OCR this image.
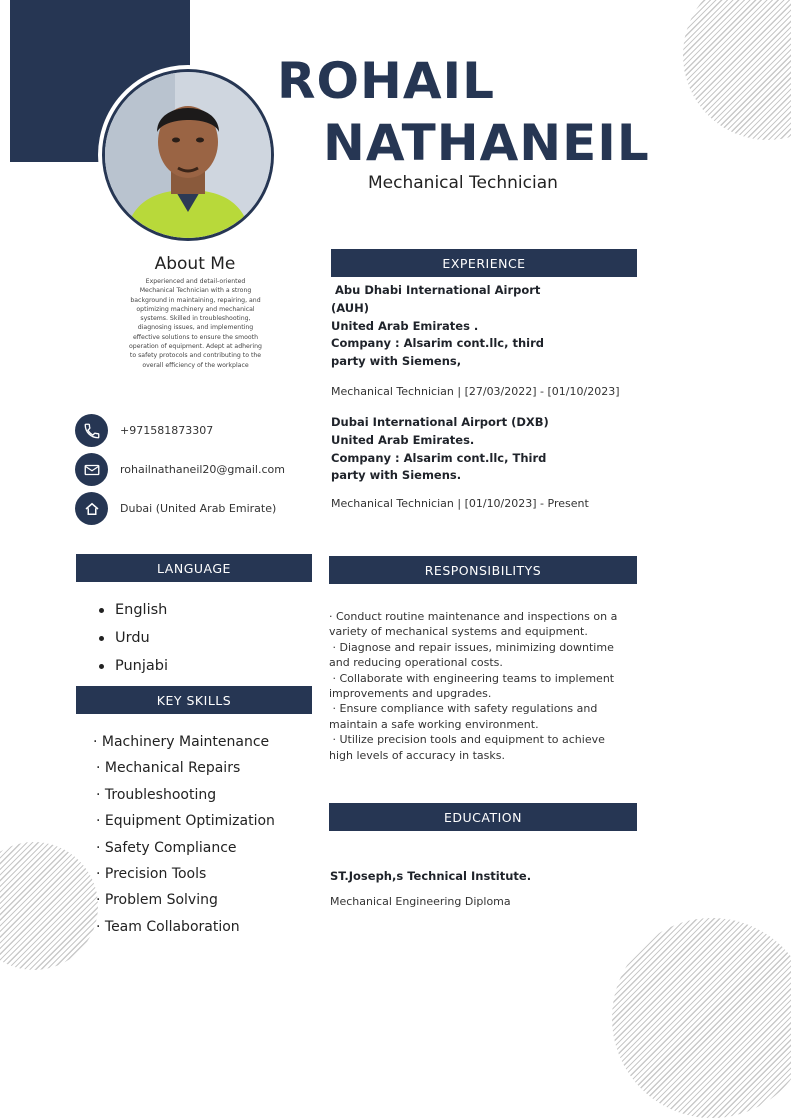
ROHAIL
NATHANEIL
Mechanical Technician
About Me
Experienced and detail-oriented Mechanical Technician with a strong background in maintaining, repairing, and optimizing machinery and mechanical systems. Skilled in troubleshooting, diagnosing issues, and implementing effective solutions to ensure the smooth operation of equipment. Adept at adhering to safety protocols and contributing to the overall efficiency of the workplace
+971581873307
rohailnathaneil20@gmail.com
Dubai (United Arab Emirate)
EXPERIENCE
LANGUAGE	RESPONSIBILITYS
KEY SKILLS
EDUCATION
Abu Dhabi International Airport
(AUH)
United Arab Emirates .
Company : Alsarim cont.llc, third
party with Siemens,
Mechanical Technician | [27/03/2022] - [01/10/2023]
Dubai International Airport (DXB)
United Arab Emirates.
Company : Alsarim cont.llc, Third
party with Siemens.
Mechanical Technician | [01/10/2023] - Present
English
Urdu
Punjabi
· Machinery Maintenance
· Mechanical Repairs
· Troubleshooting
· Equipment Optimization
· Safety Compliance
· Precision Tools
· Problem Solving
· Team Collaboration

· Conduct routine maintenance and inspections on a variety of mechanical systems and equipment.

· Diagnose and repair issues, minimizing downtime and reducing operational costs.

· Collaborate with engineering teams to implement improvements and upgrades.

· Ensure compliance with safety regulations and maintain a safe working environment.

· Utilize precision tools and equipment to achieve high levels of accuracy in tasks.

ST.Joseph,s Technical Institute.
Mechanical Engineering Diploma
